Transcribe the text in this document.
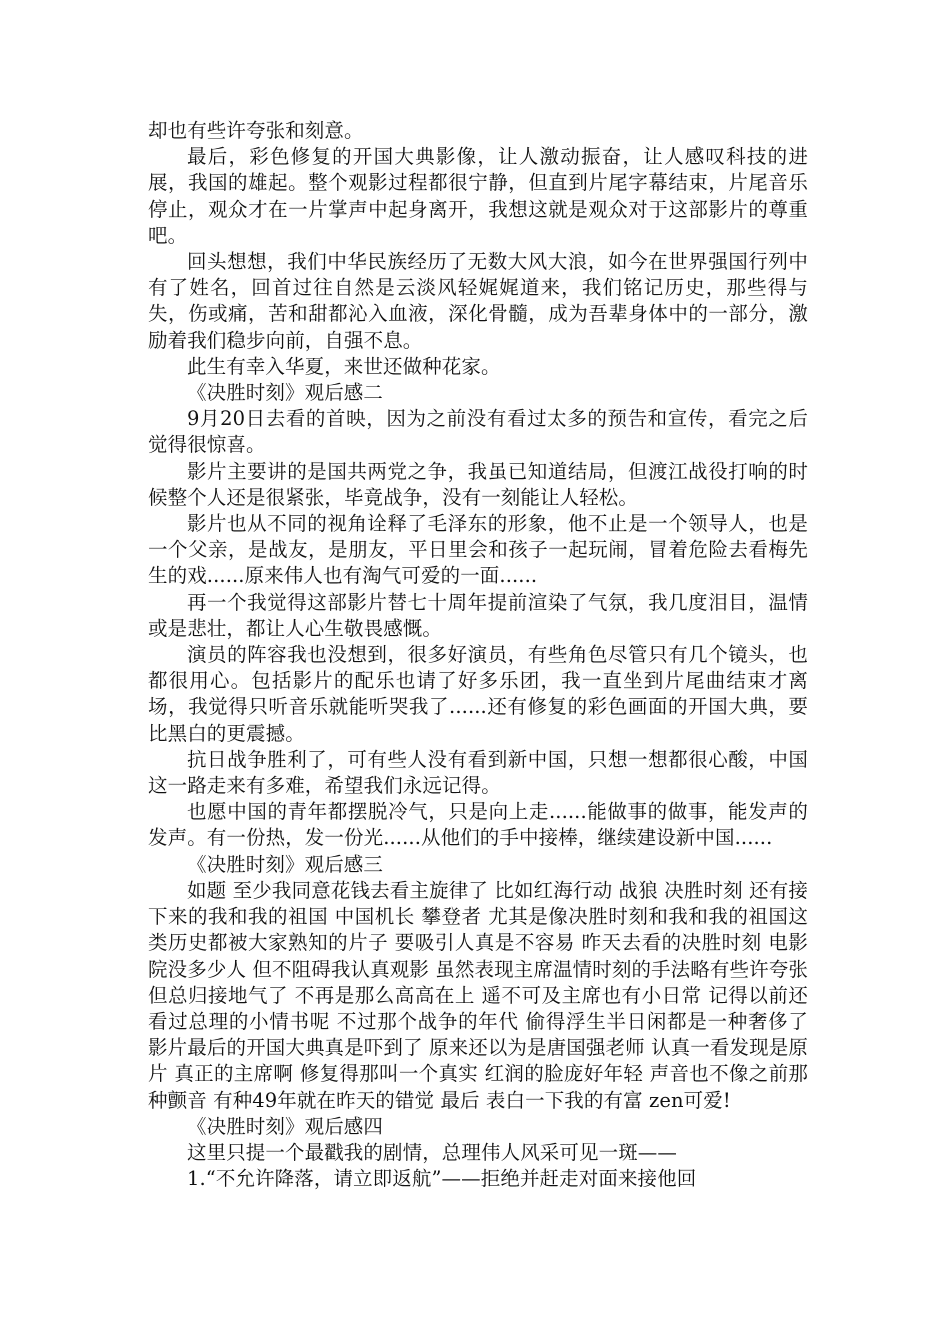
却也有些许夸张和刻意。

最后，彩色修复的开国大典影像，让人激动振奋，让人感叹科技的进展，我国的雄起。整个观影过程都很宁静，但直到片尾字幕结束，片尾音乐停止，观众才在一片掌声中起身离开，我想这就是观众对于这部影片的尊重吧。

回头想想，我们中华民族经历了无数大风大浪，如今在世界强国行列中有了姓名，回首过往自然是云淡风轻娓娓道来，我们铭记历史，那些得与失，伤或痛，苦和甜都沁入血液，深化骨髓，成为吾辈身体中的一部分，激励着我们稳步向前，自强不息。

此生有幸入华夏，来世还做种花家。

《决胜时刻》观后感二

9月20日去看的首映，因为之前没有看过太多的预告和宣传，看完之后觉得很惊喜。

影片主要讲的是国共两党之争，我虽已知道结局，但渡江战役打响的时候整个人还是很紧张，毕竟战争，没有一刻能让人轻松。

影片也从不同的视角诠释了毛泽东的形象，他不止是一个领导人，也是一个父亲，是战友，是朋友，平日里会和孩子一起玩闹，冒着危险去看梅先生的戏......原来伟人也有淘气可爱的一面......

再一个我觉得这部影片替七十周年提前渲染了气氛，我几度泪目，温情或是悲壮，都让人心生敬畏感慨。

演员的阵容我也没想到，很多好演员，有些角色尽管只有几个镜头，也都很用心。包括影片的配乐也请了好多乐团，我一直坐到片尾曲结束才离场，我觉得只听音乐就能听哭我了......还有修复的彩色画面的开国大典，要比黑白的更震撼。

抗日战争胜利了，可有些人没有看到新中国，只想一想都很心酸，中国这一路走来有多难，希望我们永远记得。

也愿中国的青年都摆脱冷气，只是向上走......能做事的做事，能发声的发声。有一份热，发一份光......从他们的手中接棒，继续建设新中国......

《决胜时刻》观后感三

如题 至少我同意花钱去看主旋律了 比如红海行动 战狼 决胜时刻 还有接下来的我和我的祖国 中国机长 攀登者 尤其是像决胜时刻和我和我的祖国这类历史都被大家熟知的片子 要吸引人真是不容易 昨天去看的决胜时刻 电影院没多少人 但不阻碍我认真观影 虽然表现主席温情时刻的手法略有些许夸张 但总归接地气了 不再是那么高高在上 遥不可及主席也有小日常 记得以前还看过总理的小情书呢 不过那个战争的年代 偷得浮生半日闲都是一种奢侈了 影片最后的开国大典真是吓到了 原来还以为是唐国强老师 认真一看发现是原片 真正的主席啊 修复得那叫一个真实 红润的脸庞好年轻 声音也不像之前那种颤音 有种49年就在昨天的错觉 最后 表白一下我的有富 zen可爱!

《决胜时刻》观后感四

这里只提一个最戳我的剧情，总理伟人风采可见一斑——

1.“不允许降落，请立即返航”——拒绝并赶走对面来接他回
